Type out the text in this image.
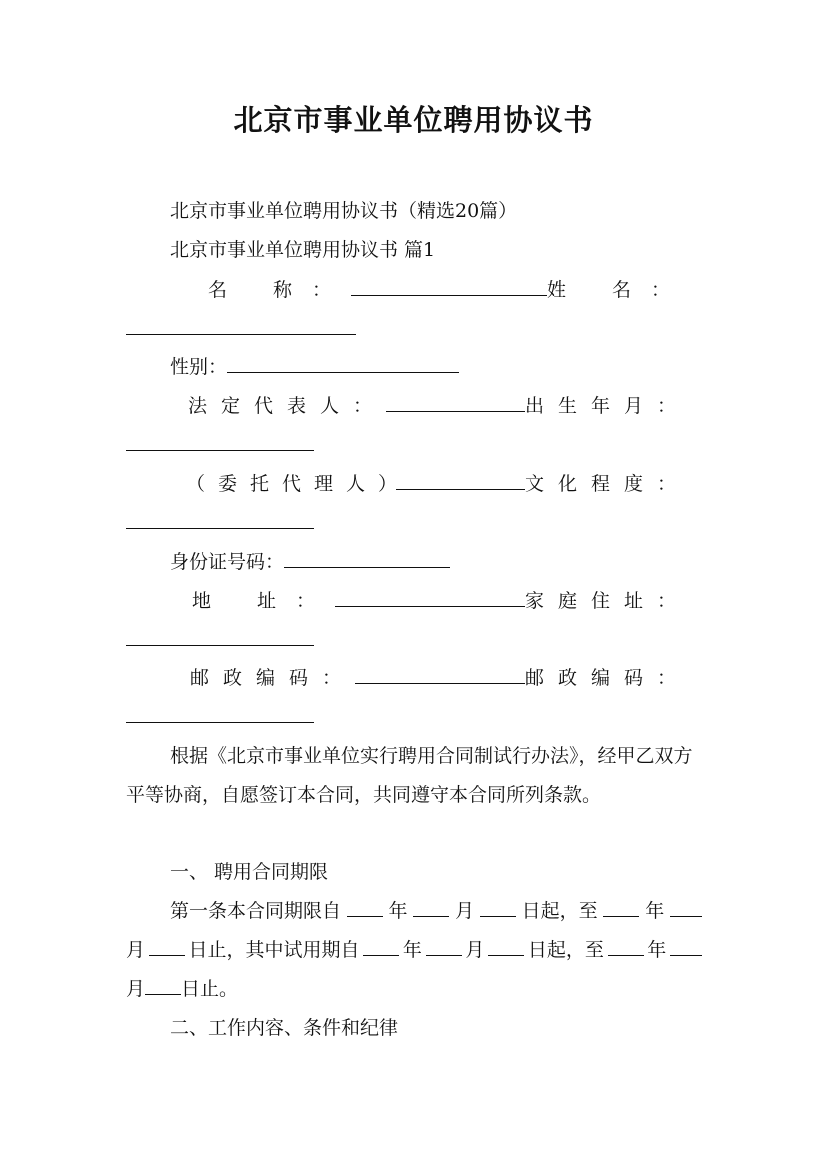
北京市事业单位聘用协议书
北京市事业单位聘用协议书（精选20篇）
北京市事业单位聘用协议书 篇1
名 称：	姓 名：
性别：
法定代表人：	出生年月：
（委托代理人）	文化程度：
身份证号码：
地 址：	家庭住址：
邮政编码：	邮政编码：
根据《北京市事业单位实行聘用合同制试行办法》，经甲乙双方平等协商，自愿签订本合同，共同遵守本合同所列条款。
一、 聘用合同期限
第一条本合同期限自	年	月	日起，至	年
月 日止，其中试用期自 年 月 日起，至 年
月 日止。
二、工作内容、条件和纪律
